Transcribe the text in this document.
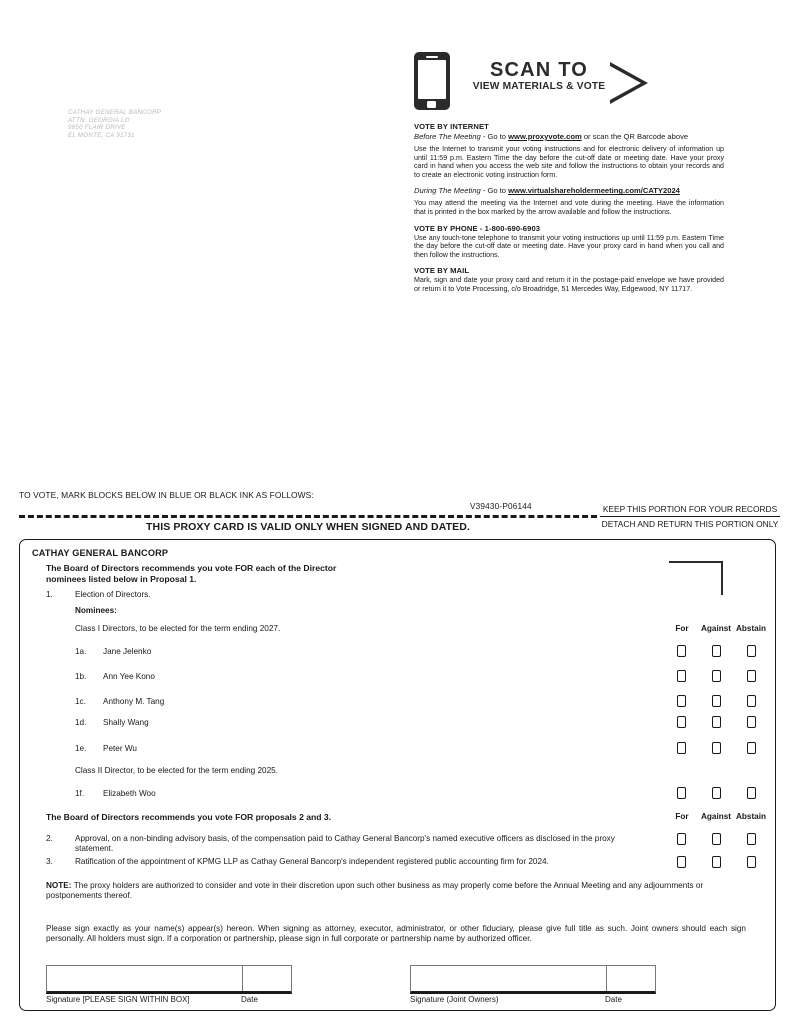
CATHAY GENERAL BANCORP
ATTN: GEORGIA LO
9650 FLAIR DRIVE
EL MONTE, CA 91731
SCAN TO
VIEW MATERIALS & VOTE
VOTE BY INTERNET
Before The Meeting - Go to www.proxyvote.com or scan the QR Barcode above
Use the Internet to transmit your voting instructions and for electronic delivery of information up until 11:59 p.m. Eastern Time the day before the cut-off date or meeting date. Have your proxy card in hand when you access the web site and follow the instructions to obtain your records and to create an electronic voting instruction form.
During The Meeting - Go to www.virtualshareholdermeeting.com/CATY2024
You may attend the meeting via the Internet and vote during the meeting. Have the information that is printed in the box marked by the arrow available and follow the instructions.
VOTE BY PHONE - 1-800-690-6903
Use any touch-tone telephone to transmit your voting instructions up until 11:59 p.m. Eastern Time the day before the cut-off date or meeting date. Have your proxy card in hand when you call and then follow the instructions.
VOTE BY MAIL
Mark, sign and date your proxy card and return it in the postage-paid envelope we have provided or return it to Vote Processing, c/o Broadridge, 51 Mercedes Way, Edgewood, NY 11717.
TO VOTE, MARK BLOCKS BELOW IN BLUE OR BLACK INK AS FOLLOWS:
V39430-P06144	KEEP THIS PORTION FOR YOUR RECORDS
DETACH AND RETURN THIS PORTION ONLY
THIS PROXY CARD IS VALID ONLY WHEN SIGNED AND DATED.
CATHAY GENERAL BANCORP
The Board of Directors recommends you vote FOR each of the Director nominees listed below in Proposal 1.
1.	Election of Directors.
Nominees:
Class I Directors, to be elected for the term ending 2027.	For	Against Abstain
1a. Jane Jelenko
1b. Ann Yee Kono
1c. Anthony M. Tang
1d. Shally Wang
1e. Peter Wu
Class II Director, to be elected for the term ending 2025.
1f. Elizabeth Woo
The Board of Directors recommends you vote FOR proposals 2 and 3.	For	Against Abstain
2.	Approval, on a non-binding advisory basis, of the compensation paid to Cathay General Bancorp's named executive officers as disclosed in the proxy statement.
3.	Ratification of the appointment of KPMG LLP as Cathay General Bancorp's independent registered public accounting firm for 2024.
NOTE: The proxy holders are authorized to consider and vote in their discretion upon such other business as may properly come before the Annual Meeting and any adjournments or postponements thereof.
Please sign exactly as your name(s) appear(s) hereon. When signing as attorney, executor, administrator, or other fiduciary, please give full title as such. Joint owners should each sign personally. All holders must sign. If a corporation or partnership, please sign in full corporate or partnership name by authorized officer.
Signature [PLEASE SIGN WITHIN BOX]	Date	Signature (Joint Owners)	Date
